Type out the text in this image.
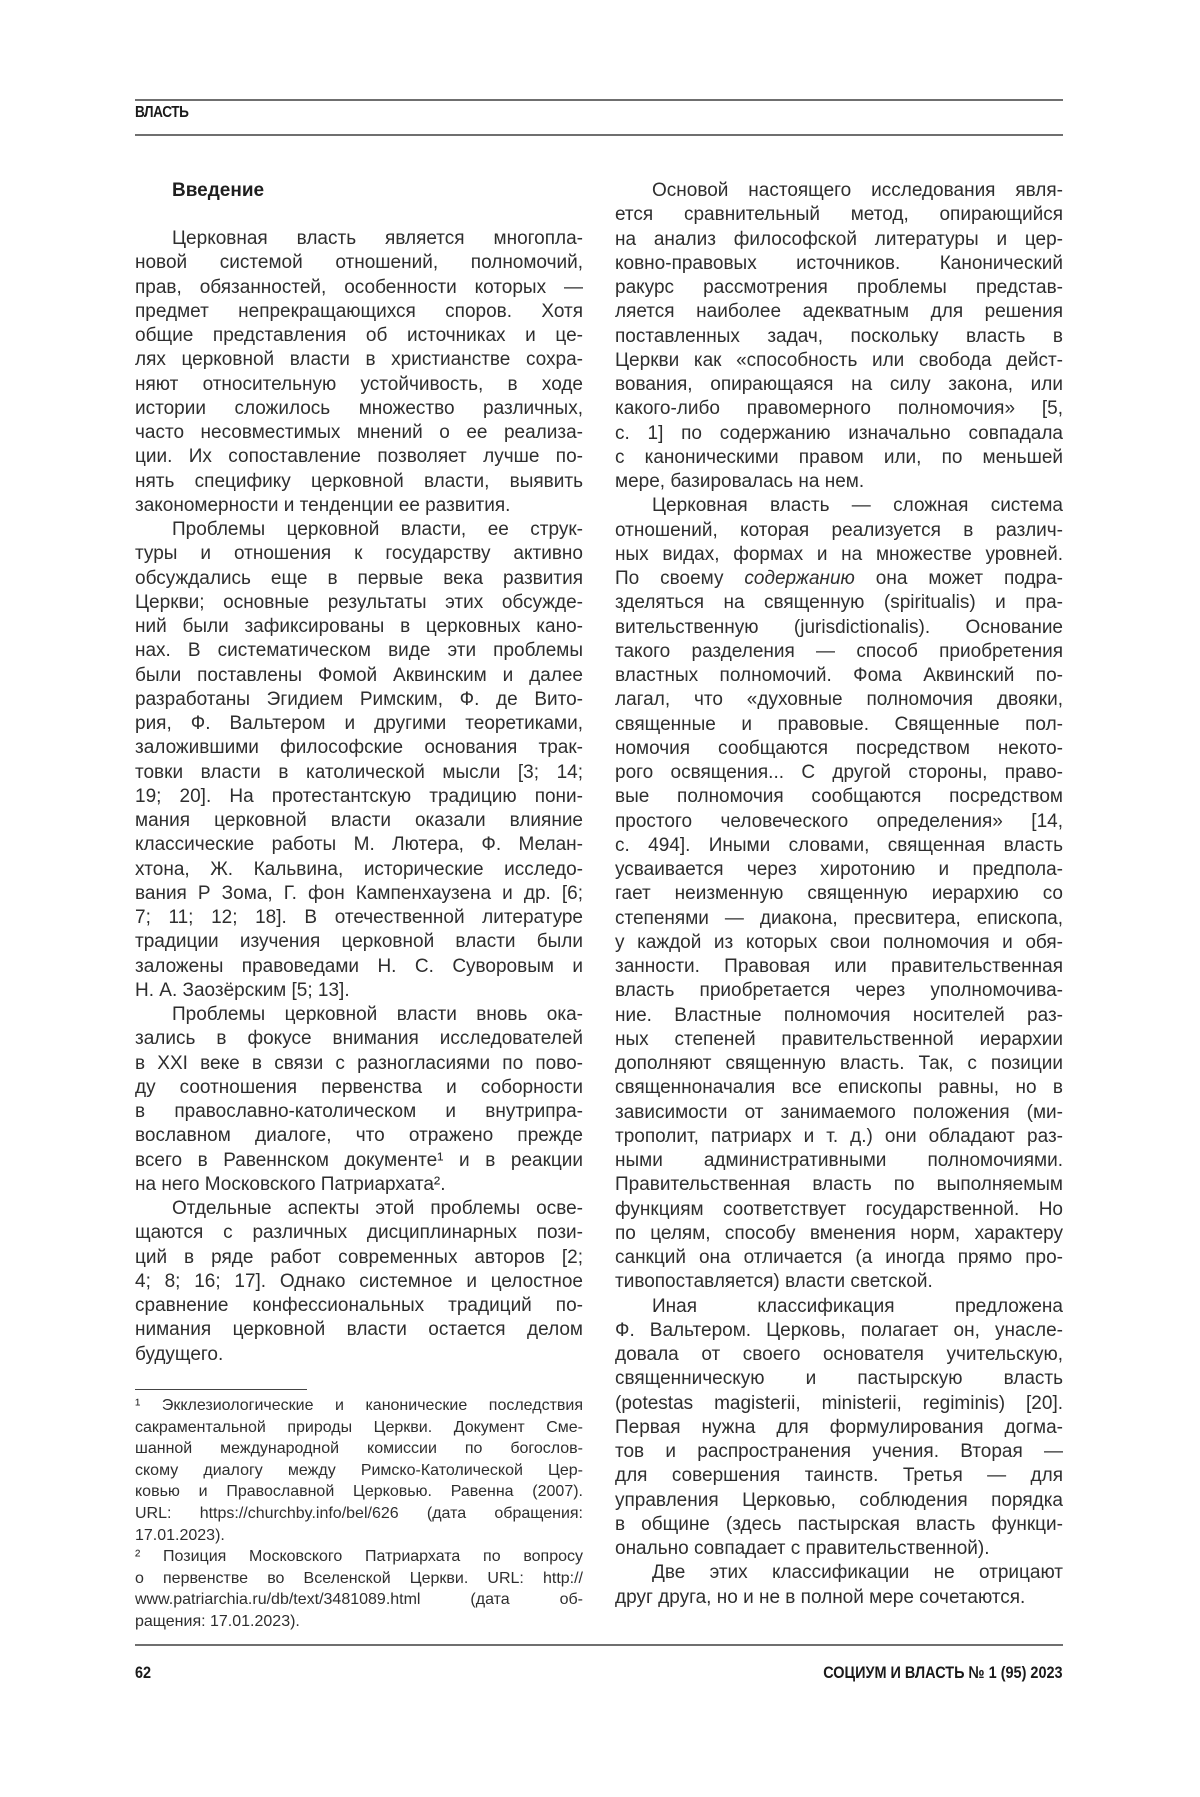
ВЛАСТЬ
Введение
Церковная власть является многопла-
новой системой отношений, полномочий,
прав, обязанностей, особенности которых —
предмет непрекращающихся споров. Хотя
общие представления об источниках и це-
лях церковной власти в христианстве сохра-
няют относительную устойчивость, в ходе
истории сложилось множество различных,
часто несовместимых мнений о ее реализа-
ции. Их сопоставление позволяет лучше по-
нять специфику церковной власти, выявить
закономерности и тенденции ее развития.
Проблемы церковной власти, ее струк-
туры и отношения к государству активно
обсуждались еще в первые века развития
Церкви; основные результаты этих обсужде-
ний были зафиксированы в церковных кано-
нах. В систематическом виде эти проблемы
были поставлены Фомой Аквинским и далее
разработаны Эгидием Римским, Ф. де Вито-
рия, Ф. Вальтером и другими теоретиками,
заложившими философские основания трак-
товки власти в католической мысли [3; 14;
19; 20]. На протестантскую традицию пони-
мания церковной власти оказали влияние
классические работы М. Лютера, Ф. Мелан-
хтона, Ж. Кальвина, исторические исследо-
вания Р Зома, Г. фон Кампенхаузена и др. [6;
7; 11; 12; 18]. В отечественной литературе
традиции изучения церковной власти были
заложены правоведами Н. С. Суворовым и
Н. А. Заозёрским [5; 13].
Проблемы церковной власти вновь ока-
зались в фокусе внимания исследователей
в XXI веке в связи с разногласиями по пово-
ду соотношения первенства и соборности
в православно-католическом и внутрипра-
вославном диалоге, что отражено прежде
всего в Равеннском документе¹ и в реакции
на него Московского Патриархата².
Отдельные аспекты этой проблемы осве-
щаются с различных дисциплинарных пози-
ций в ряде работ современных авторов [2;
4; 8; 16; 17]. Однако системное и целостное
сравнение конфессиональных традиций по-
нимания церковной власти остается делом
будущего.
¹ Экклезиологические и канонические последствия
сакраментальной природы Церкви. Документ Сме-
шанной международной комиссии по богослов-
скому диалогу между Римско-Католической Цер-
ковью и Православной Церковью. Равенна (2007).
URL: https://churchby.info/bel/626 (дата обращения:
17.01.2023).
² Позиция Московского Патриархата по вопросу
о первенстве во Вселенской Церкви. URL: http://
www.patriarchia.ru/db/text/3481089.html (дата об-
ращения: 17.01.2023).
Основой настоящего исследования явля-
ется сравнительный метод, опирающийся
на анализ философской литературы и цер-
ковно-правовых источников. Канонический
ракурс рассмотрения проблемы представ-
ляется наиболее адекватным для решения
поставленных задач, поскольку власть в
Церкви как «способность или свобода дейст-
вования, опирающаяся на силу закона, или
какого-либо правомерного полномочия» [5,
с. 1] по содержанию изначально совпадала
с каноническими правом или, по меньшей
мере, базировалась на нем.
Церковная власть — сложная система
отношений, которая реализуется в различ-
ных видах, формах и на множестве уровней.
По своему содержанию она может подра-
зделяться на священную (spiritualis) и пра-
вительственную (jurisdictionalis). Основание
такого разделения — способ приобретения
властных полномочий. Фома Аквинский по-
лагал, что «духовные полномочия двояки,
священные и правовые. Священные пол-
номочия сообщаются посредством некото-
рого освящения... С другой стороны, право-
вые полномочия сообщаются посредством
простого человеческого определения» [14,
с. 494]. Иными словами, священная власть
усваивается через хиротонию и предпола-
гает неизменную священную иерархию со
степенями — диакона, пресвитера, епископа,
у каждой из которых свои полномочия и обя-
занности. Правовая или правительственная
власть приобретается через уполномочива-
ние. Властные полномочия носителей раз-
ных степеней правительственной иерархии
дополняют священную власть. Так, с позиции
священноначалия все епископы равны, но в
зависимости от занимаемого положения (ми-
трополит, патриарх и т. д.) они обладают раз-
ными административными полномочиями.
Правительственная власть по выполняемым
функциям соответствует государственной. Но
по целям, способу вменения норм, характеру
санкций она отличается (а иногда прямо про-
тивопоставляется) власти светской.
Иная классификация предложена
Ф. Вальтером. Церковь, полагает он, унасле-
довала от своего основателя учительскую,
священническую и пастырскую власть
(potestas magisterii, ministerii, regiminis) [20].
Первая нужна для формулирования догма-
тов и распространения учения. Вторая —
для совершения таинств. Третья — для
управления Церковью, соблюдения порядка
в общине (здесь пастырская власть функци-
онально совпадает с правительственной).
Две этих классификации не отрицают
друг друга, но и не в полной мере сочетаются.
62	СОЦИУМ И ВЛАСТЬ № 1 (95) 2023
